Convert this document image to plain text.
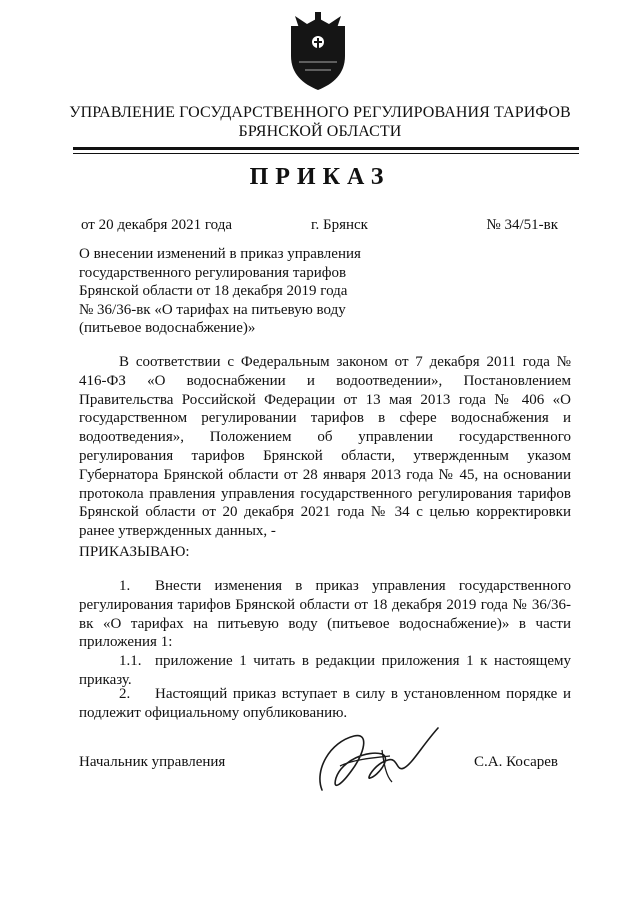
УПРАВЛЕНИЕ ГОСУДАРСТВЕННОГО РЕГУЛИРОВАНИЯ ТАРИФОВ
БРЯНСКОЙ ОБЛАСТИ
ПРИКАЗ
от 20 декабря 2021 года	г. Брянск	№ 34/51-вк
О внесении изменений в приказ управления
государственного регулирования тарифов
Брянской области от 18 декабря 2019 года
№ 36/36-вк «О тарифах на питьевую воду
(питьевое водоснабжение)»
В соответствии с Федеральным законом от 7 декабря 2011 года № 416-ФЗ «О водоснабжении и водоотведении», Постановлением Правительства Российской Федерации от 13 мая 2013 года № 406 «О государственном регулировании тарифов в сфере водоснабжения и водоотведения», Положением об управлении государственного регулирования тарифов Брянской области, утвержденным указом Губернатора Брянской области от 28 января 2013 года № 45, на основании протокола правления управления государственного регулирования тарифов Брянской области от 20 декабря 2021 года № 34 с целью корректировки ранее утвержденных данных, -
ПРИКАЗЫВАЮ:
1. Внести изменения в приказ управления государственного регулирования тарифов Брянской области от 18 декабря 2019 года № 36/36-вк «О тарифах на питьевую воду (питьевое водоснабжение)» в части приложения 1:
1.1. приложение 1 читать в редакции приложения 1 к настоящему приказу.
2. Настоящий приказ вступает в силу в установленном порядке и подлежит официальному опубликованию.
Начальник управления	С.А. Косарев
